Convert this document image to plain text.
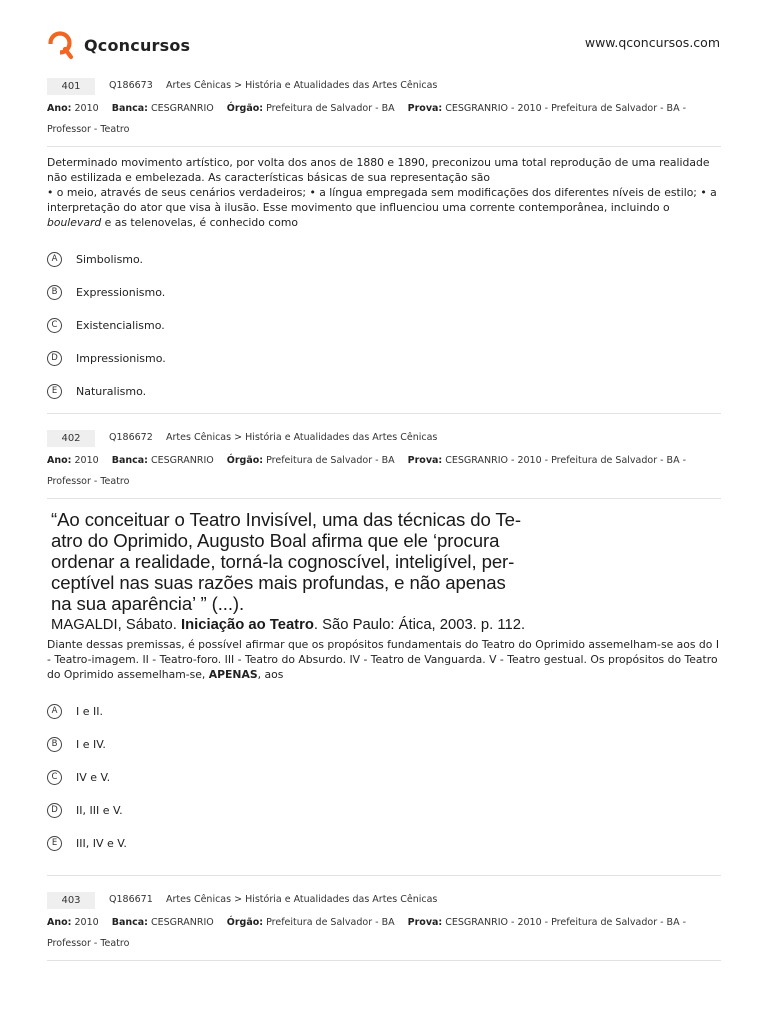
Qconcursos	www.qconcursos.com
401	Q186673 Artes Cênicas > História e Atualidades das Artes Cênicas
Ano: 2010 Banca: CESGRANRIO Órgão: Prefeitura de Salvador - BA Prova: CESGRANRIO - 2010 - Prefeitura de Salvador - BA -
Professor - Teatro
Determinado movimento artístico, por volta dos anos de 1880 e 1890, preconizou uma total reprodução de uma realidade não estilizada e embelezada. As características básicas de sua representação são
• o meio, através de seus cenários verdadeiros; • a língua empregada sem modificações dos diferentes níveis de estilo; • a interpretação do ator que visa à ilusão. Esse movimento que influenciou uma corrente contemporânea, incluindo o
boulevard e as telenovelas, é conhecido como
A	Simbolismo.
B	Expressionismo.
C	Existencialismo.
D	Impressionismo.
E	Naturalismo.
402	Q186672 Artes Cênicas > História e Atualidades das Artes Cênicas
Ano: 2010 Banca: CESGRANRIO Órgão: Prefeitura de Salvador - BA Prova: CESGRANRIO - 2010 - Prefeitura de Salvador - BA -
Professor - Teatro
“Ao conceituar o Teatro Invisível, uma das técnicas do Te-
atro do Oprimido, Augusto Boal afirma que ele ‘procura
ordenar a realidade, torná-la cognoscível, inteligível, per-
ceptível nas suas razões mais profundas, e não apenas
na sua aparência’ ” (...).
MAGALDI, Sábato. Iniciação ao Teatro. São Paulo: Ática, 2003. p. 112.
Diante dessas premissas, é possível afirmar que os propósitos fundamentais do Teatro do Oprimido assemelham-se aos do I - Teatro-imagem. II - Teatro-foro. III - Teatro do Absurdo. IV - Teatro de Vanguarda. V - Teatro gestual. Os propósitos do Teatro do Oprimido assemelham-se, APENAS, aos
A	I e II.
B	I e IV.
C	IV e V.
D	II, III e V.
E	III, IV e V.
403	Q186671 Artes Cênicas > História e Atualidades das Artes Cênicas
Ano: 2010 Banca: CESGRANRIO Órgão: Prefeitura de Salvador - BA Prova: CESGRANRIO - 2010 - Prefeitura de Salvador - BA -
Professor - Teatro
